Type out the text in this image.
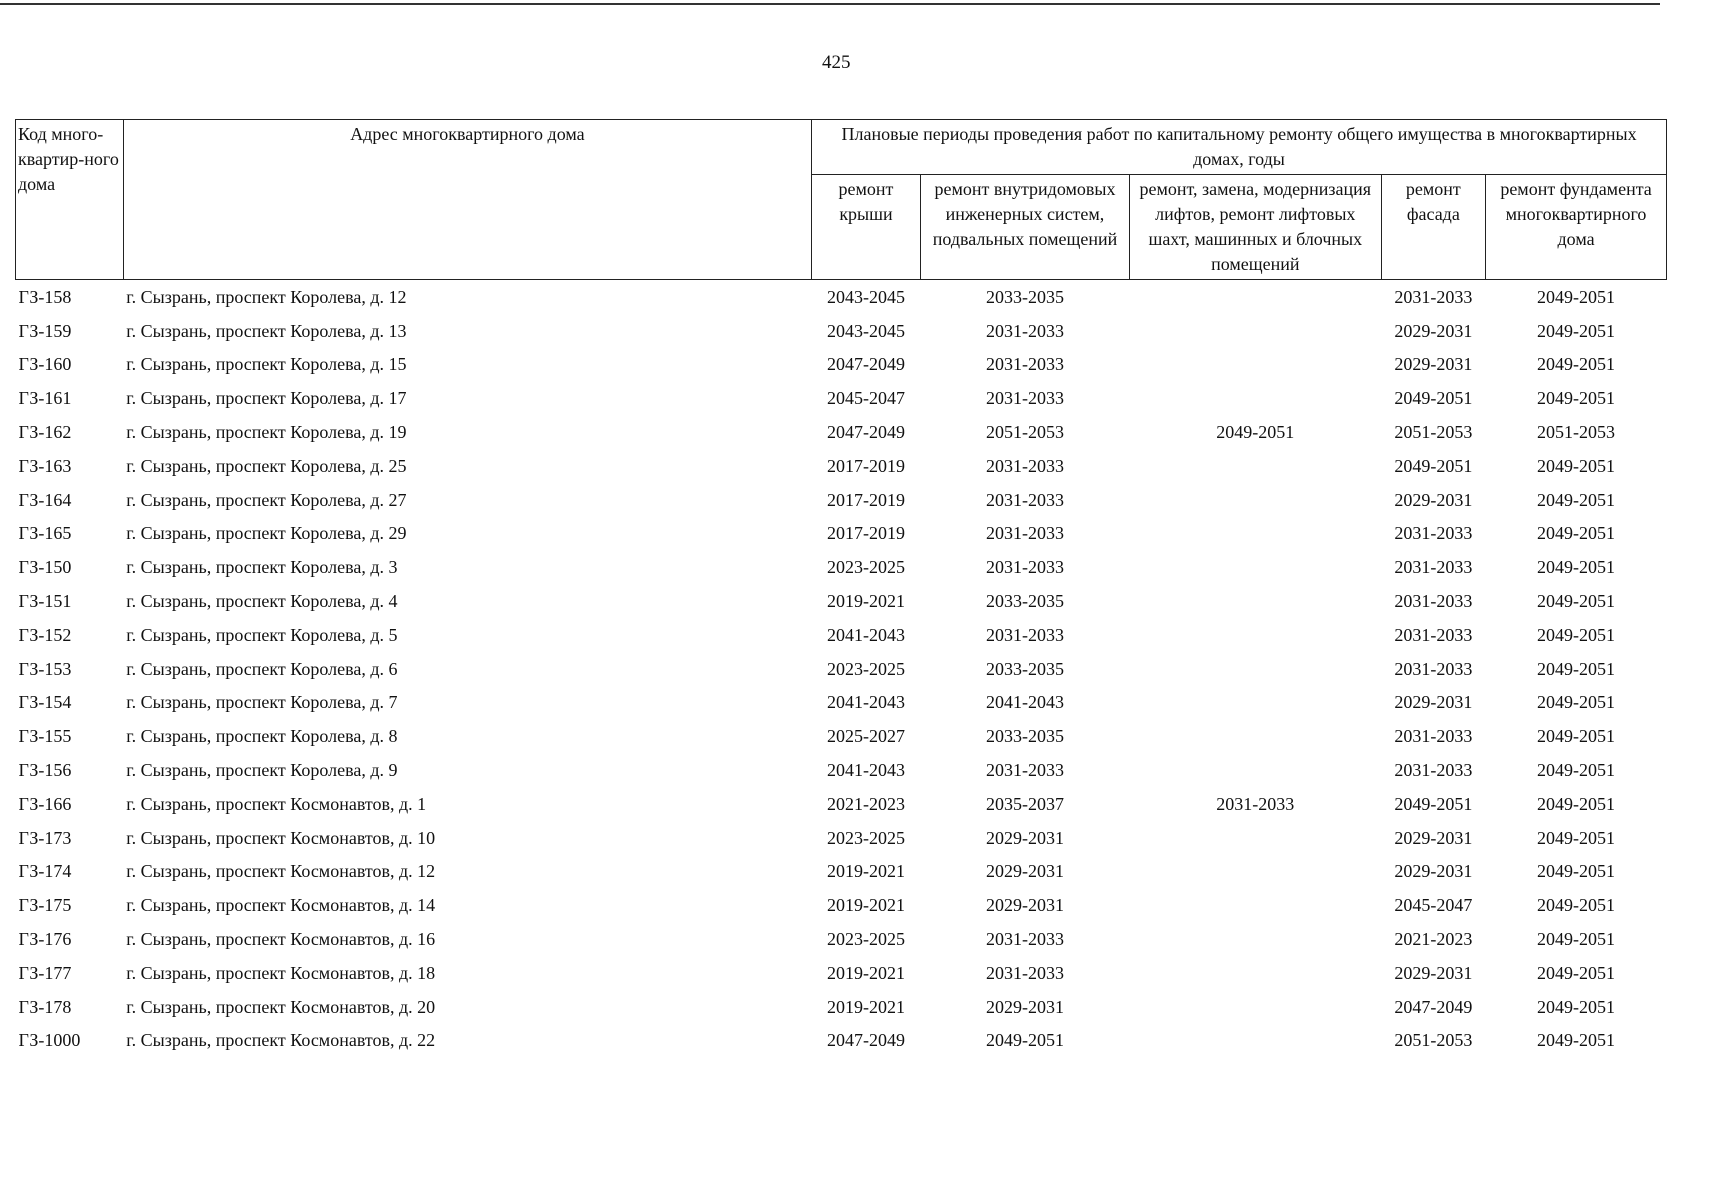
425
Код много-квартир-ного дома	Адрес многоквартирного дома	Плановые периоды проведения работ по капитальному ремонту общего имущества в многоквартирных домах, годы				
		ремонт крыши	ремонт внутридомовых инженерных систем, подвальных помещений	ремонт, замена, модернизация лифтов, ремонт лифтовых шахт, машинных и блочных помещений	ремонт фасада	ремонт фундамента многоквартирного дома
ГЗ-158	г. Сызрань, проспект Королева, д. 12	2043-2045	2033-2035		2031-2033	2049-2051
ГЗ-159	г. Сызрань, проспект Королева, д. 13	2043-2045	2031-2033		2029-2031	2049-2051
ГЗ-160	г. Сызрань, проспект Королева, д. 15	2047-2049	2031-2033		2029-2031	2049-2051
ГЗ-161	г. Сызрань, проспект Королева, д. 17	2045-2047	2031-2033		2049-2051	2049-2051
ГЗ-162	г. Сызрань, проспект Королева, д. 19	2047-2049	2051-2053	2049-2051	2051-2053	2051-2053
ГЗ-163	г. Сызрань, проспект Королева, д. 25	2017-2019	2031-2033		2049-2051	2049-2051
ГЗ-164	г. Сызрань, проспект Королева, д. 27	2017-2019	2031-2033		2029-2031	2049-2051
ГЗ-165	г. Сызрань, проспект Королева, д. 29	2017-2019	2031-2033		2031-2033	2049-2051
ГЗ-150	г. Сызрань, проспект Королева, д. 3	2023-2025	2031-2033		2031-2033	2049-2051
ГЗ-151	г. Сызрань, проспект Королева, д. 4	2019-2021	2033-2035		2031-2033	2049-2051
ГЗ-152	г. Сызрань, проспект Королева, д. 5	2041-2043	2031-2033		2031-2033	2049-2051
ГЗ-153	г. Сызрань, проспект Королева, д. 6	2023-2025	2033-2035		2031-2033	2049-2051
ГЗ-154	г. Сызрань, проспект Королева, д. 7	2041-2043	2041-2043		2029-2031	2049-2051
ГЗ-155	г. Сызрань, проспект Королева, д. 8	2025-2027	2033-2035		2031-2033	2049-2051
ГЗ-156	г. Сызрань, проспект Королева, д. 9	2041-2043	2031-2033		2031-2033	2049-2051
ГЗ-166	г. Сызрань, проспект Космонавтов, д. 1	2021-2023	2035-2037	2031-2033	2049-2051	2049-2051
ГЗ-173	г. Сызрань, проспект Космонавтов, д. 10	2023-2025	2029-2031		2029-2031	2049-2051
ГЗ-174	г. Сызрань, проспект Космонавтов, д. 12	2019-2021	2029-2031		2029-2031	2049-2051
ГЗ-175	г. Сызрань, проспект Космонавтов, д. 14	2019-2021	2029-2031		2045-2047	2049-2051
ГЗ-176	г. Сызрань, проспект Космонавтов, д. 16	2023-2025	2031-2033		2021-2023	2049-2051
ГЗ-177	г. Сызрань, проспект Космонавтов, д. 18	2019-2021	2031-2033		2029-2031	2049-2051
ГЗ-178	г. Сызрань, проспект Космонавтов, д. 20	2019-2021	2029-2031		2047-2049	2049-2051
ГЗ-1000	г. Сызрань, проспект Космонавтов, д. 22	2047-2049	2049-2051		2051-2053	2049-2051
